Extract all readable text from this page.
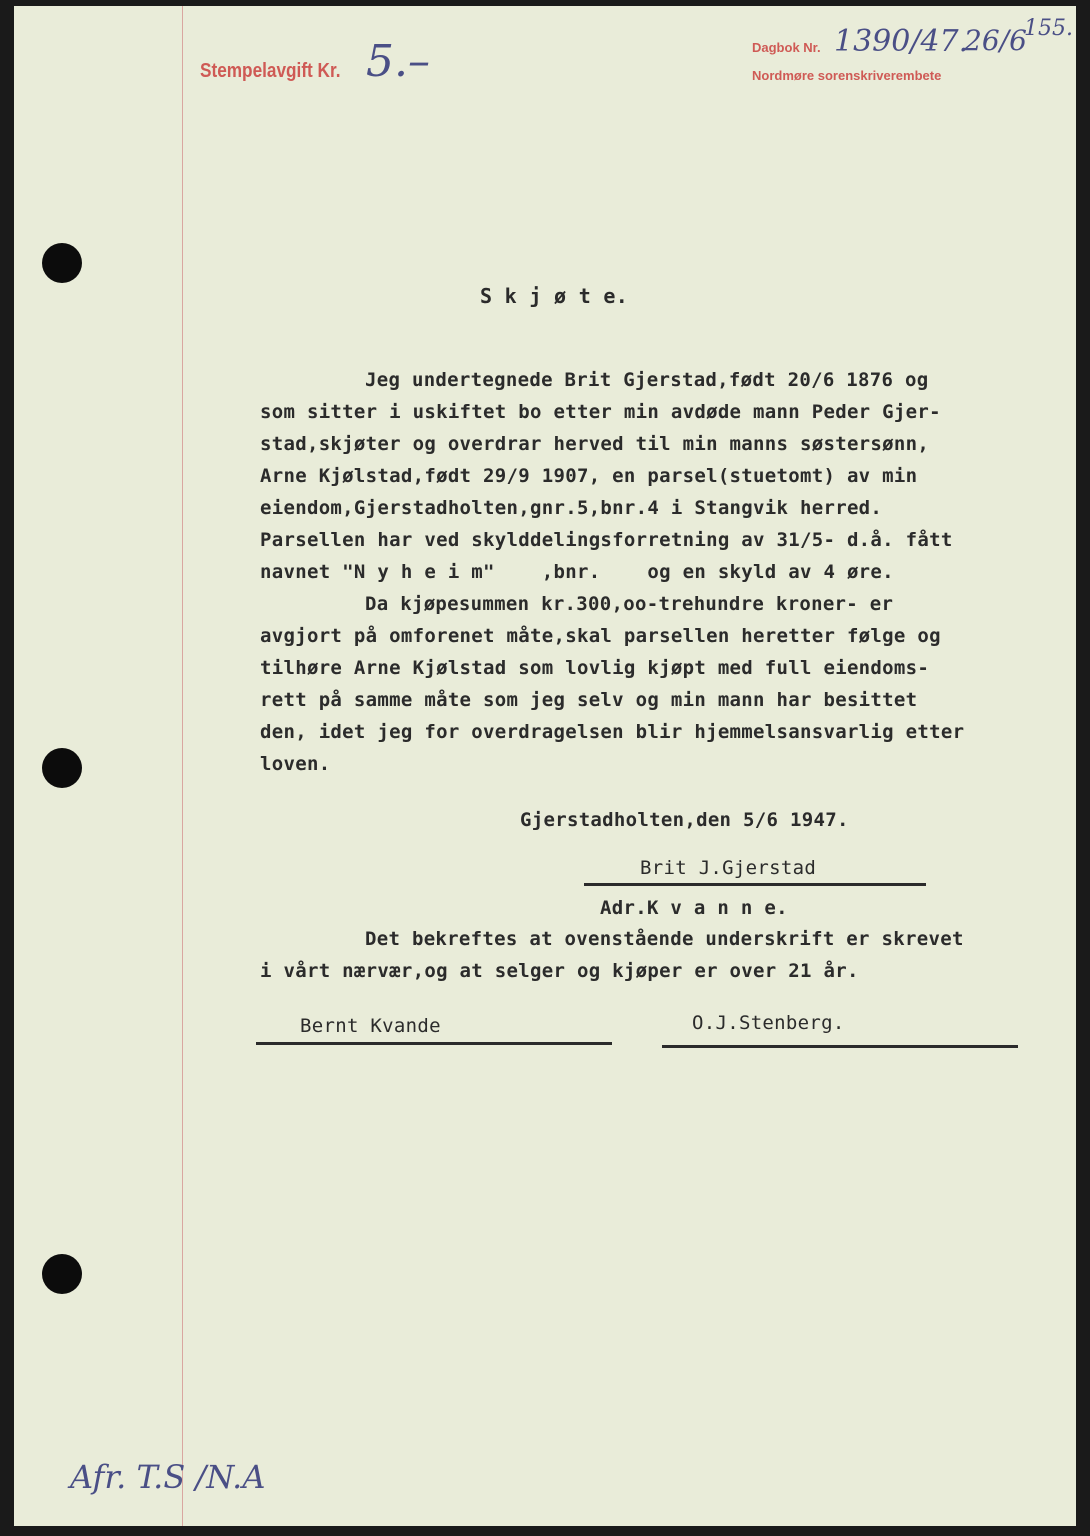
Stempelavgift Kr. 5.–	Dagbok Nr. 1390/47.
26/6
155.
Nordmøre sorenskriverembete
S k j ø t e.
Jeg undertegnede Brit Gjerstad,født 20/6 1876 og
som sitter i uskiftet bo etter min avdøde mann Peder Gjer-
stad,skjøter og overdrar herved til min manns søstersønn,
Arne Kjølstad,født 29/9 1907, en parsel(stuetomt) av min
eiendom,Gjerstadholten,gnr.5,bnr.4 i Stangvik herred.
Parsellen har ved skylddelingsforretning av 31/5- d.å. fått
navnet "N y h e i m"    ,bnr.    og en skyld av 4 øre.
Da kjøpesummen kr.300,oo-trehundre kroner- er
avgjort på omforenet måte,skal parsellen heretter følge og
tilhøre Arne Kjølstad som lovlig kjøpt med full eiendoms-
rett på samme måte som jeg selv og min mann har besittet
den, idet jeg for overdragelsen blir hjemmelsansvarlig etter
loven.
Gjerstadholten,den 5/6 1947.
Brit J.Gjerstad
Adr.K v a n n e.
Det bekreftes at ovenstående underskrift er skrevet
i vårt nærvær,og at selger og kjøper er over 21 år.
Bernt Kvande	O.J.Stenberg.
Afr. T.S /N.A
